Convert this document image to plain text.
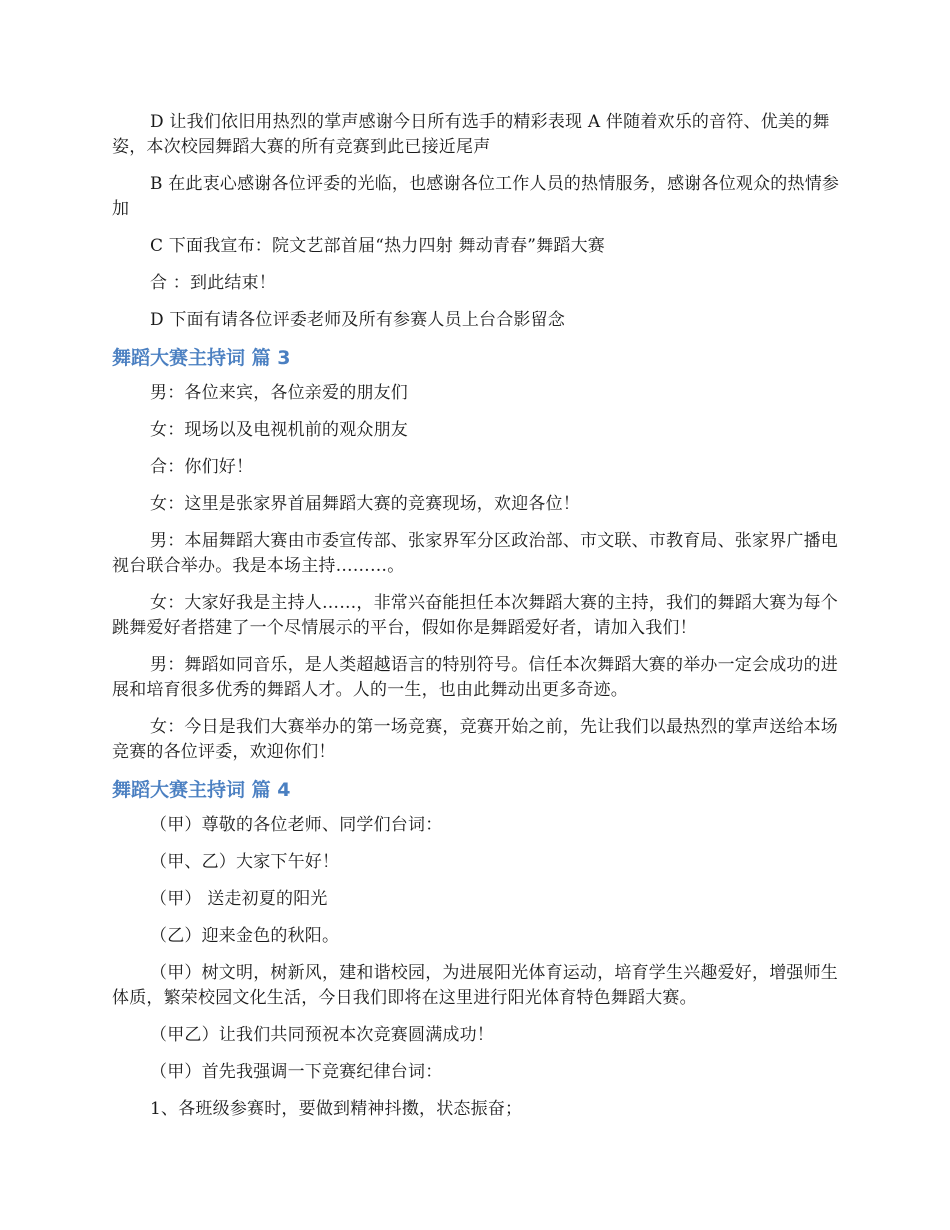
D 让我们依旧用热烈的掌声感谢今日所有选手的精彩表现 A 伴随着欢乐的音符、优美的舞姿，本次校园舞蹈大赛的所有竞赛到此已接近尾声

B 在此衷心感谢各位评委的光临，也感谢各位工作人员的热情服务，感谢各位观众的热情参加

C 下面我宣布：院文艺部首届“热力四射 舞动青春”舞蹈大赛

合 ：到此结束！

D 下面有请各位评委老师及所有参赛人员上台合影留念

舞蹈大赛主持词 篇 3

男：各位来宾，各位亲爱的朋友们

女：现场以及电视机前的观众朋友

合：你们好！

女：这里是张家界首届舞蹈大赛的竞赛现场，欢迎各位！

男：本届舞蹈大赛由市委宣传部、张家界军分区政治部、市文联、市教育局、张家界广播电视台联合举办。我是本场主持………。

女：大家好我是主持人……，非常兴奋能担任本次舞蹈大赛的主持，我们的舞蹈大赛为每个跳舞爱好者搭建了一个尽情展示的平台，假如你是舞蹈爱好者，请加入我们！

男：舞蹈如同音乐，是人类超越语言的特别符号。信任本次舞蹈大赛的举办一定会成功的进展和培育很多优秀的舞蹈人才。人的一生，也由此舞动出更多奇迹。

女：今日是我们大赛举办的第一场竞赛，竞赛开始之前，先让我们以最热烈的掌声送给本场竞赛的各位评委，欢迎你们！

舞蹈大赛主持词 篇 4

（甲）尊敬的各位老师、同学们台词：

（甲、乙）大家下午好！

（甲） 送走初夏的阳光

（乙）迎来金色的秋阳。

（甲）树文明，树新风，建和谐校园，为进展阳光体育运动，培育学生兴趣爱好，增强师生体质，繁荣校园文化生活，今日我们即将在这里进行阳光体育特色舞蹈大赛。

（甲乙）让我们共同预祝本次竞赛圆满成功！

（甲）首先我强调一下竞赛纪律台词：

1、各班级参赛时，要做到精神抖擞，状态振奋；
